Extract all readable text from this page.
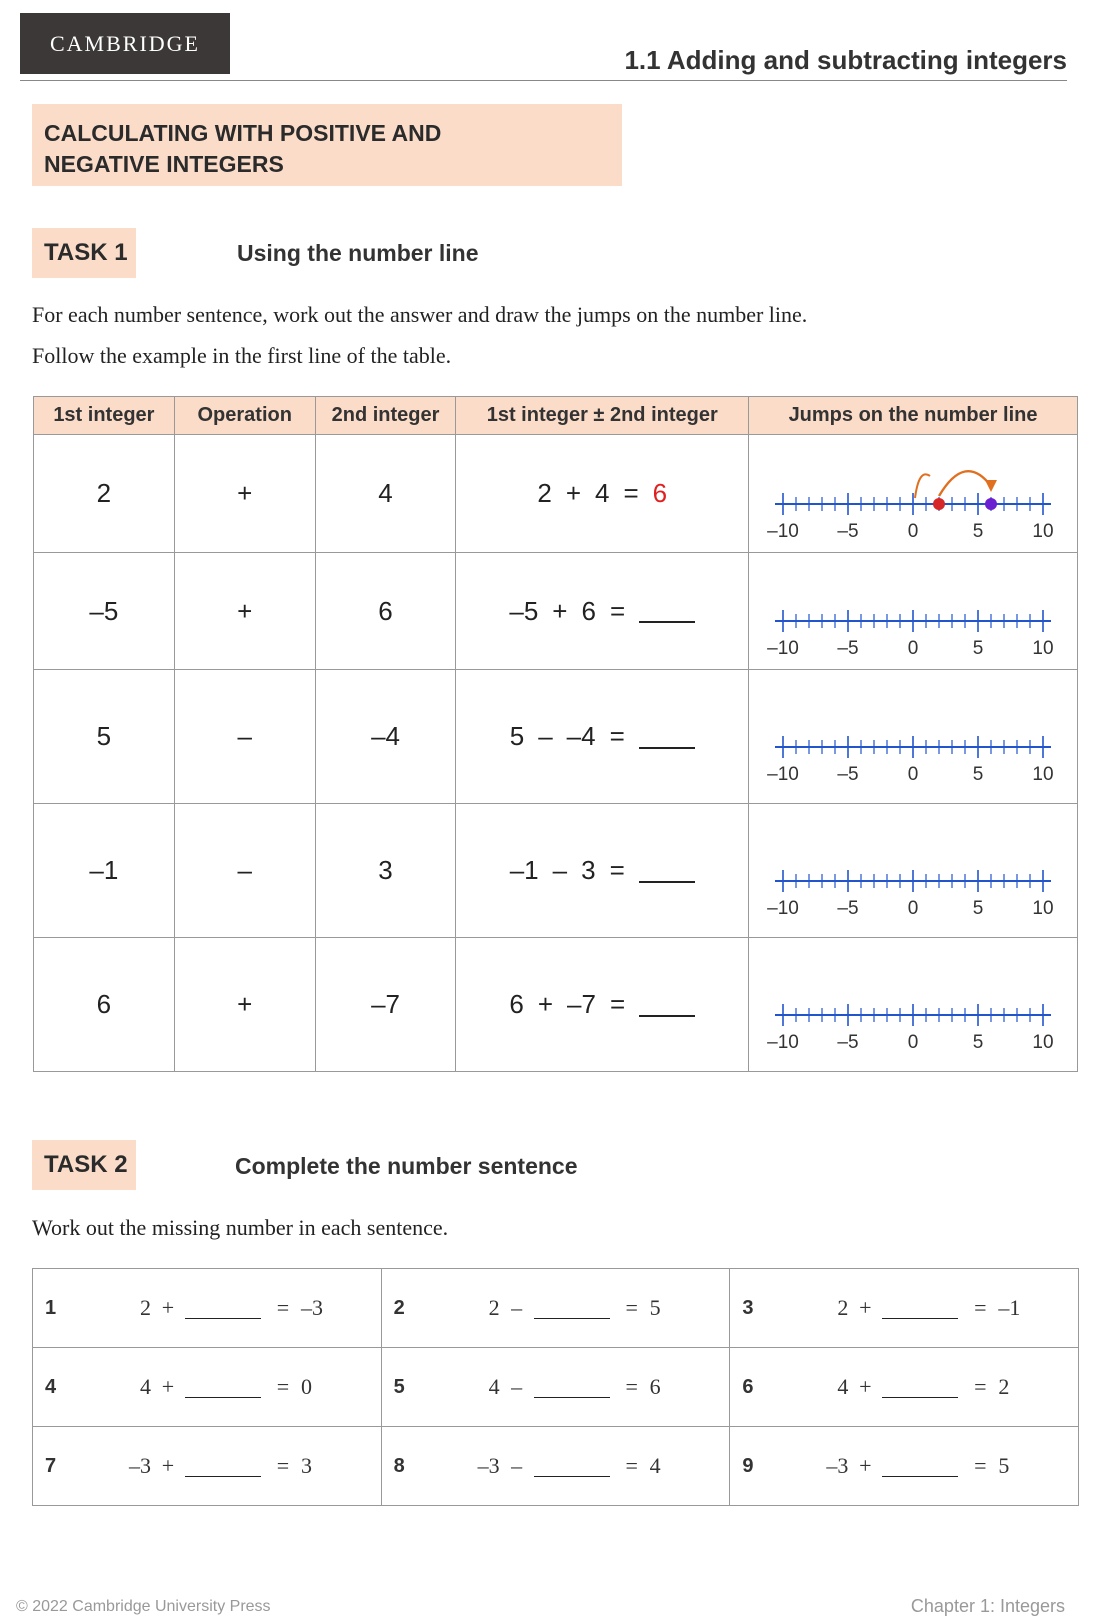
CAMBRIDGE
1.1 Adding and subtracting integers
CALCULATING WITH POSITIVE AND
NEGATIVE INTEGERS
TASK 1	Using the number line
For each number sentence, work out the answer and draw the jumps on the number line.
Follow the example in the first line of the table.
1st integer	Operation	2nd integer	1st integer ± 2nd integer	Jumps on the number line
2	+	4	2 + 4 = 6	–10 –5 0 5 10

–5	+	6	–5 + 6 =	–10 –5 0 5 10

5	–	–4	5 – –4 =	–10 –5 0 5 10

–1	–	3	–1 – 3 =	–10 –5 0 5 10

6	+	–7	6 + –7 =	–10 –5 0 5 10
TASK 2	Complete the number sentence
Work out the missing number in each sentence.
1 2 + = –3	2 2 – = 5	3 2 + = –1

4 4 + = 0	5 4 – = 6	6 4 + = 2

7 –3 + = 3	8 –3 – = 4	9 –3 + = 5
© 2022 Cambridge University Press	Chapter 1: Integers
